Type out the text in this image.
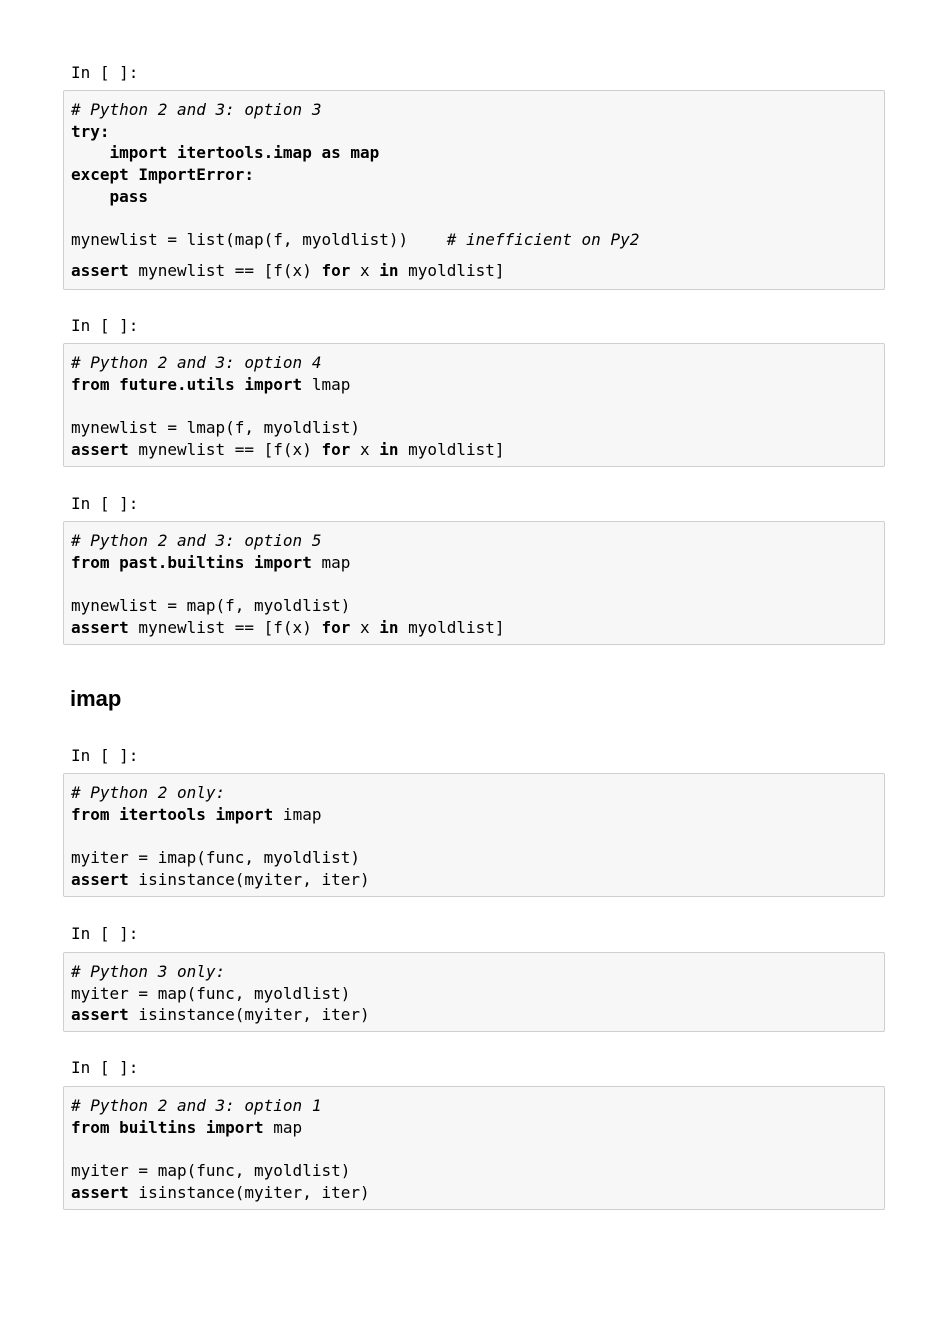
In [ ]:
# Python 2 and 3: option 3
try:
import itertools.imap as map
except ImportError:
pass
mynewlist = list(map(f, myoldlist))    # inefficient on Py2
assert mynewlist == [f(x) for x in myoldlist]
In [ ]:
# Python 2 and 3: option 4
from future.utils import lmap
mynewlist = lmap(f, myoldlist)
assert mynewlist == [f(x) for x in myoldlist]
In [ ]:
# Python 2 and 3: option 5
from past.builtins import map
mynewlist = map(f, myoldlist)
assert mynewlist == [f(x) for x in myoldlist]
imap
In [ ]:
# Python 2 only:
from itertools import imap
myiter = imap(func, myoldlist)
assert isinstance(myiter, iter)
In [ ]:
# Python 3 only:
myiter = map(func, myoldlist)
assert isinstance(myiter, iter)
In [ ]:
# Python 2 and 3: option 1
from builtins import map
myiter = map(func, myoldlist)
assert isinstance(myiter, iter)
